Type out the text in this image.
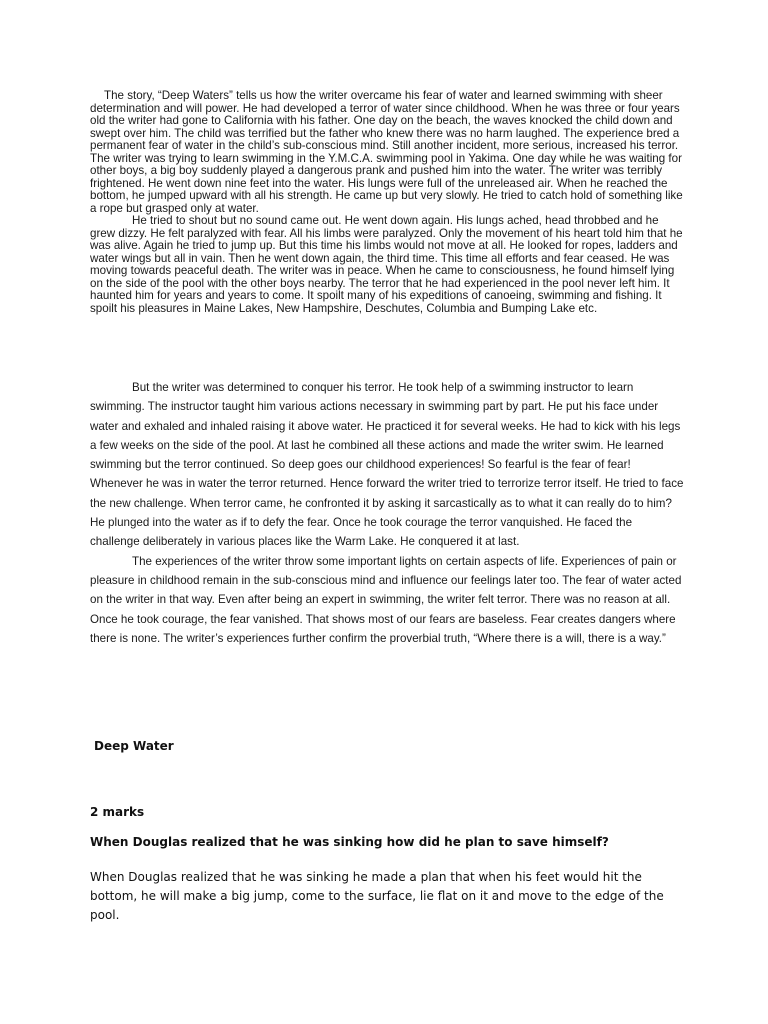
The story, “Deep Waters” tells us how the writer overcame his fear of water and learned swimming with sheer determination and will power. He had developed a terror of water since childhood. When he was three or four years old the writer had gone to California with his father. One day on the beach, the waves knocked the child down and swept over him. The child was terrified but the father who knew there was no harm laughed. The experience bred a permanent fear of water in the child’s sub-conscious mind. Still another incident, more serious, increased his terror. The writer was trying to learn swimming in the Y.M.C.A. swimming pool in Yakima. One day while he was waiting for other boys, a big boy suddenly played a dangerous prank and pushed him into the water. The writer was terribly frightened. He went down nine feet into the water. His lungs were full of the unreleased air. When he reached the bottom, he jumped upward with all his strength. He came up but very slowly. He tried to catch hold of something like a rope but grasped only at water.

He tried to shout but no sound came out. He went down again. His lungs ached, head throbbed and he grew dizzy. He felt paralyzed with fear. All his limbs were paralyzed. Only the movement of his heart told him that he was alive. Again he tried to jump up. But this time his limbs would not move at all. He looked for ropes, ladders and water wings but all in vain. Then he went down again, the third time. This time all efforts and fear ceased. He was moving towards peaceful death. The writer was in peace. When he came to consciousness, he found himself lying on the side of the pool with the other boys nearby. The terror that he had experienced in the pool never left him. It haunted him for years and years to come. It spoilt many of his expeditions of canoeing, swimming and fishing. It spoilt his pleasures in Maine Lakes, New Hampshire, Deschutes, Columbia and Bumping Lake etc.

But the writer was determined to conquer his terror. He took help of a swimming instructor to learn swimming. The instructor taught him various actions necessary in swimming part by part. He put his face under water and exhaled and inhaled raising it above water. He practiced it for several weeks. He had to kick with his legs a few weeks on the side of the pool. At last he combined all these actions and made the writer swim. He learned swimming but the terror continued. So deep goes our childhood experiences! So fearful is the fear of fear! Whenever he was in water the terror returned. Hence forward the writer tried to terrorize terror itself. He tried to face the new challenge. When terror came, he confronted it by asking it sarcastically as to what it can really do to him? He plunged into the water as if to defy the fear. Once he took courage the terror vanquished. He faced the challenge deliberately in various places like the Warm Lake. He conquered it at last.

The experiences of the writer throw some important lights on certain aspects of life. Experiences of pain or pleasure in childhood remain in the sub-conscious mind and influence our feelings later too. The fear of water acted on the writer in that way. Even after being an expert in swimming, the writer felt terror. There was no reason at all. Once he took courage, the fear vanished. That shows most of our fears are baseless. Fear creates dangers where there is none. The writer’s experiences further confirm the proverbial truth, “Where there is a will, there is a way.”

Deep Water
2 marks
When Douglas realized that he was sinking how did he plan to save himself?
When Douglas realized that he was sinking he made a plan that when his feet would hit the bottom, he will make a big jump, come to the surface, lie flat on it and move to the edge of the pool.
